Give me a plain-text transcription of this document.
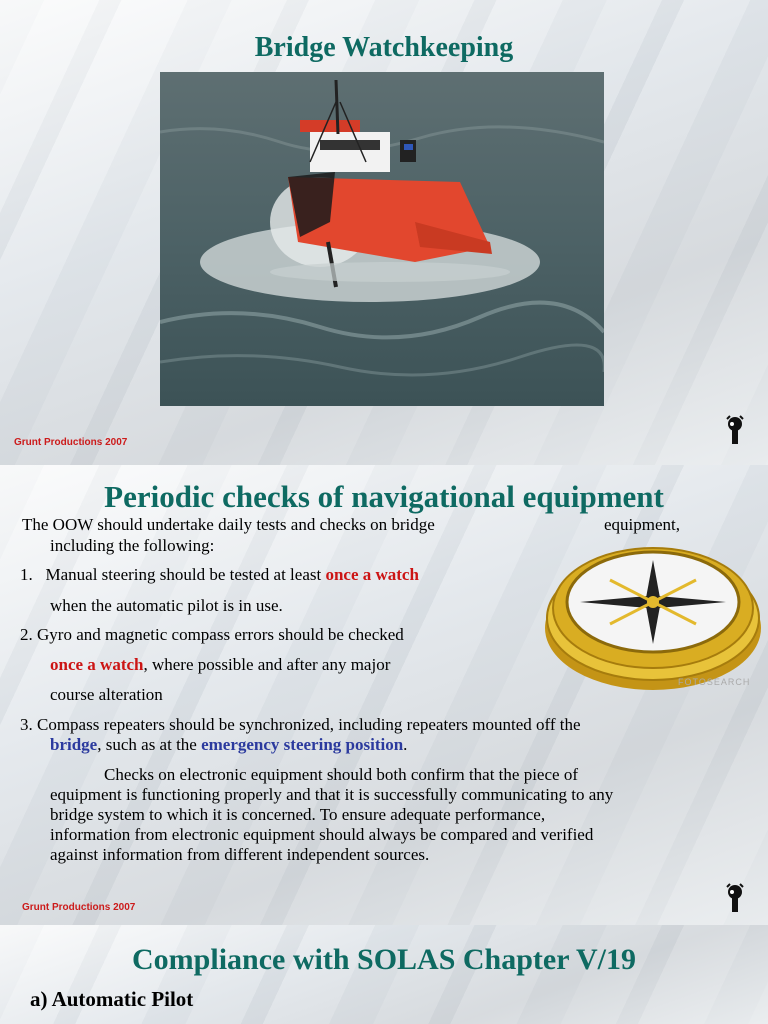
Bridge Watchkeeping
Grunt Productions 2007
Periodic checks of navigational equipment
FOTOSEARCH
The OOW should undertake daily tests and checks on bridge	equipment,
including the following:
1.   Manual steering should be tested at least once a watch
when the automatic pilot is in use.
2. Gyro and magnetic compass errors should be checked
once a watch, where possible and after any major
course alteration
3. Compass repeaters should be synchronized, including repeaters mounted off the
bridge, such as at the emergency steering position.
Checks on electronic equipment should both confirm that the piece of
equipment is functioning properly and that it is successfully communicating to any
bridge system to which it is concerned. To ensure adequate performance,
information from electronic equipment should always be compared and verified
against information from different independent sources.
Grunt Productions 2007
Compliance with SOLAS Chapter V/19
a) Automatic Pilot
